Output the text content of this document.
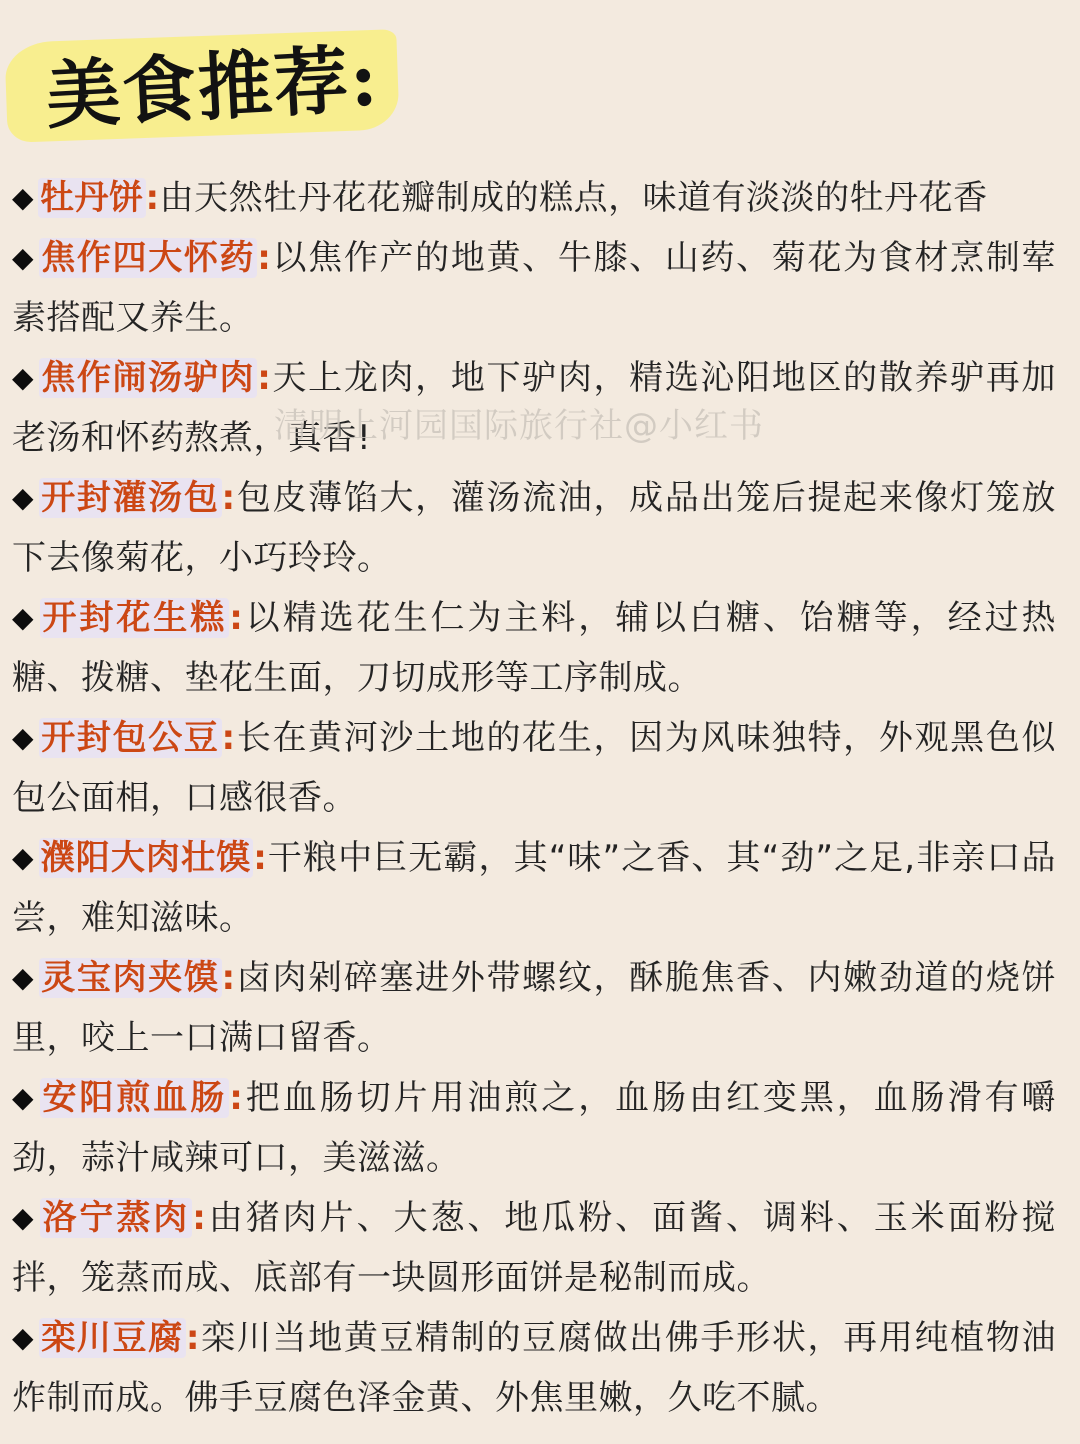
美食推荐:

◆ 牡丹饼:由天然牡丹花花瓣制成的糕点，味道有淡淡的牡丹花香

◆ 焦作四大怀药:以焦作产的地黄、牛膝、山药、菊花为食材烹制荤素搭配又养生。

◆ 焦作闹汤驴肉:天上龙肉，地下驴肉，精选沁阳地区的散养驴再加老汤和怀药熬煮，真香!

◆ 开封灌汤包:包皮薄馅大，灌汤流油，成品出笼后提起来像灯笼放下去像菊花，小巧玲玲。

◆ 开封花生糕:以精选花生仁为主料，辅以白糖、饴糖等，经过热糖、拨糖、垫花生面，刀切成形等工序制成。

◆ 开封包公豆:长在黄河沙土地的花生，因为风味独特，外观黑色似包公面相，口感很香。

◆ 濮阳大肉壮馍:干粮中巨无霸，其“味”之香、其“劲”之足,非亲口品尝，难知滋味。

◆ 灵宝肉夹馍:卤肉剁碎塞进外带螺纹，酥脆焦香、内嫩劲道的烧饼里，咬上一口满口留香。

◆ 安阳煎血肠:把血肠切片用油煎之，血肠由红变黑，血肠滑有嚼劲，蒜汁咸辣可口，美滋滋。

◆ 洛宁蒸肉:由猪肉片、大葱、地瓜粉、面酱、调料、玉米面粉搅拌，笼蒸而成、底部有一块圆形面饼是秘制而成。

◆ 栾川豆腐:栾川当地黄豆精制的豆腐做出佛手形状，再用纯植物油炸制而成。佛手豆腐色泽金黄、外焦里嫩，久吃不腻。

清明上河园国际旅行社@小红书
